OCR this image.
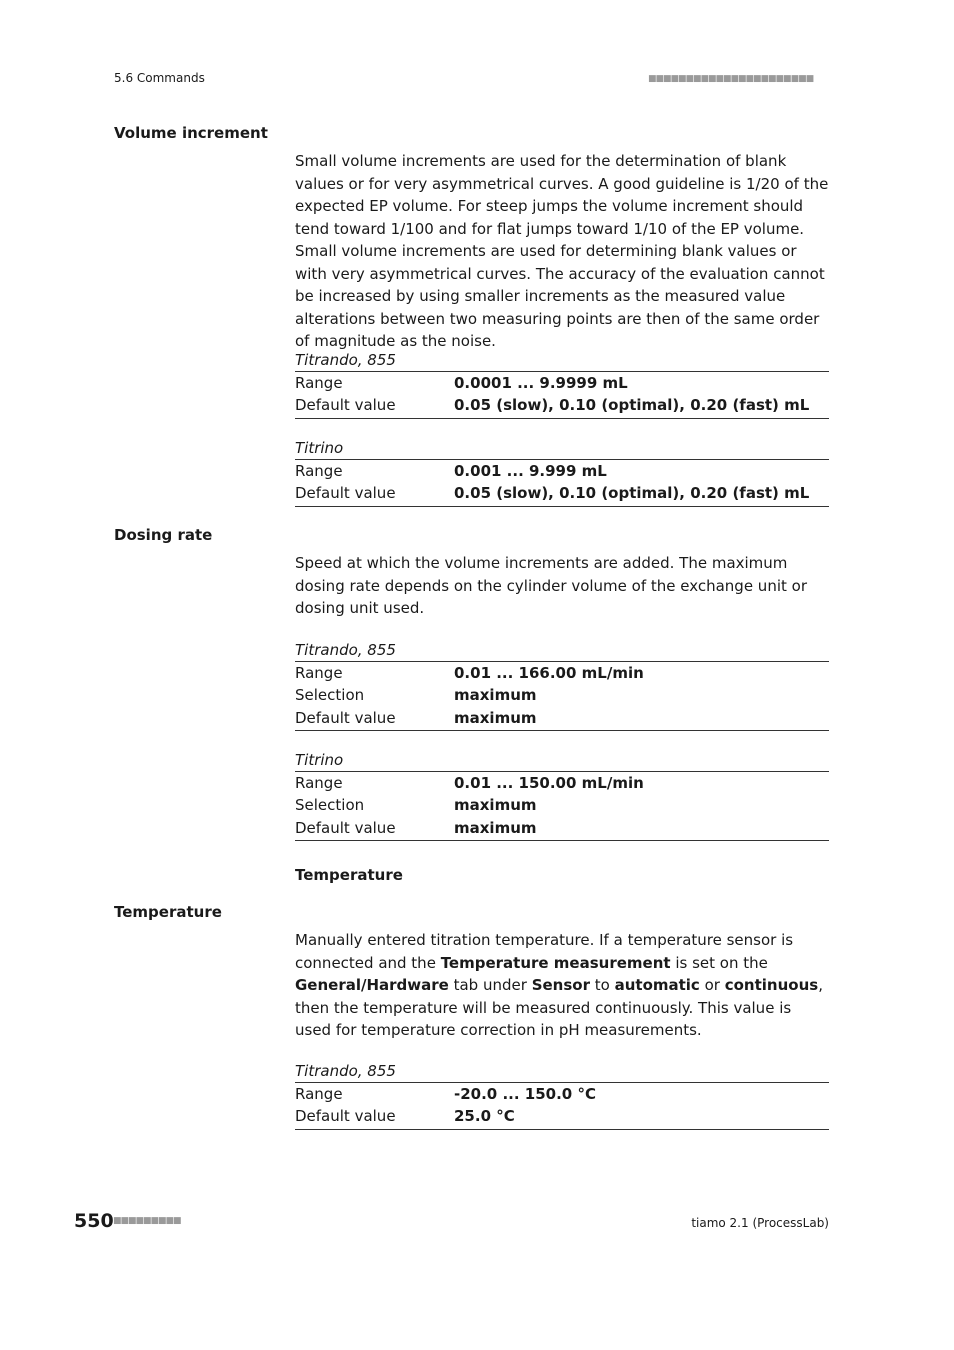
5.6 Commands	■■■■■■■■■■■■■■■■■■■■■■
Volume increment
Small volume increments are used for the determination of blank values or for very asymmetrical curves. A good guideline is 1/20 of the expected EP volume. For steep jumps the volume increment should tend toward 1/100 and for flat jumps toward 1/10 of the EP volume. Small volume increments are used for determining blank values or with very asymmetrical curves. The accuracy of the evaluation cannot be increased by using smaller increments as the measured value alterations between two measuring points are then of the same order of magnitude as the noise.
Titrando, 855
Range	0.0001 ... 9.9999 mL
Default value	0.05 (slow), 0.10 (optimal), 0.20 (fast) mL
Titrino
Range	0.001 ... 9.999 mL
Default value	0.05 (slow), 0.10 (optimal), 0.20 (fast) mL
Dosing rate
Speed at which the volume increments are added. The maximum dosing rate depends on the cylinder volume of the exchange unit or dosing unit used.
Titrando, 855
Range	0.01 ... 166.00 mL/min
Selection	maximum
Default value	maximum
Titrino
Range	0.01 ... 150.00 mL/min
Selection	maximum
Default value	maximum
Temperature
Temperature
Manually entered titration temperature. If a temperature sensor is connected and the Temperature measurement is set on the General/Hardware tab under Sensor to automatic or continuous, then the temperature will be measured continuously. This value is used for temperature correction in pH measurements.
Titrando, 855
Range	-20.0 ... 150.0 °C
Default value	25.0 °C
550 ■■■■■■■■■	tiamo 2.1 (ProcessLab)
